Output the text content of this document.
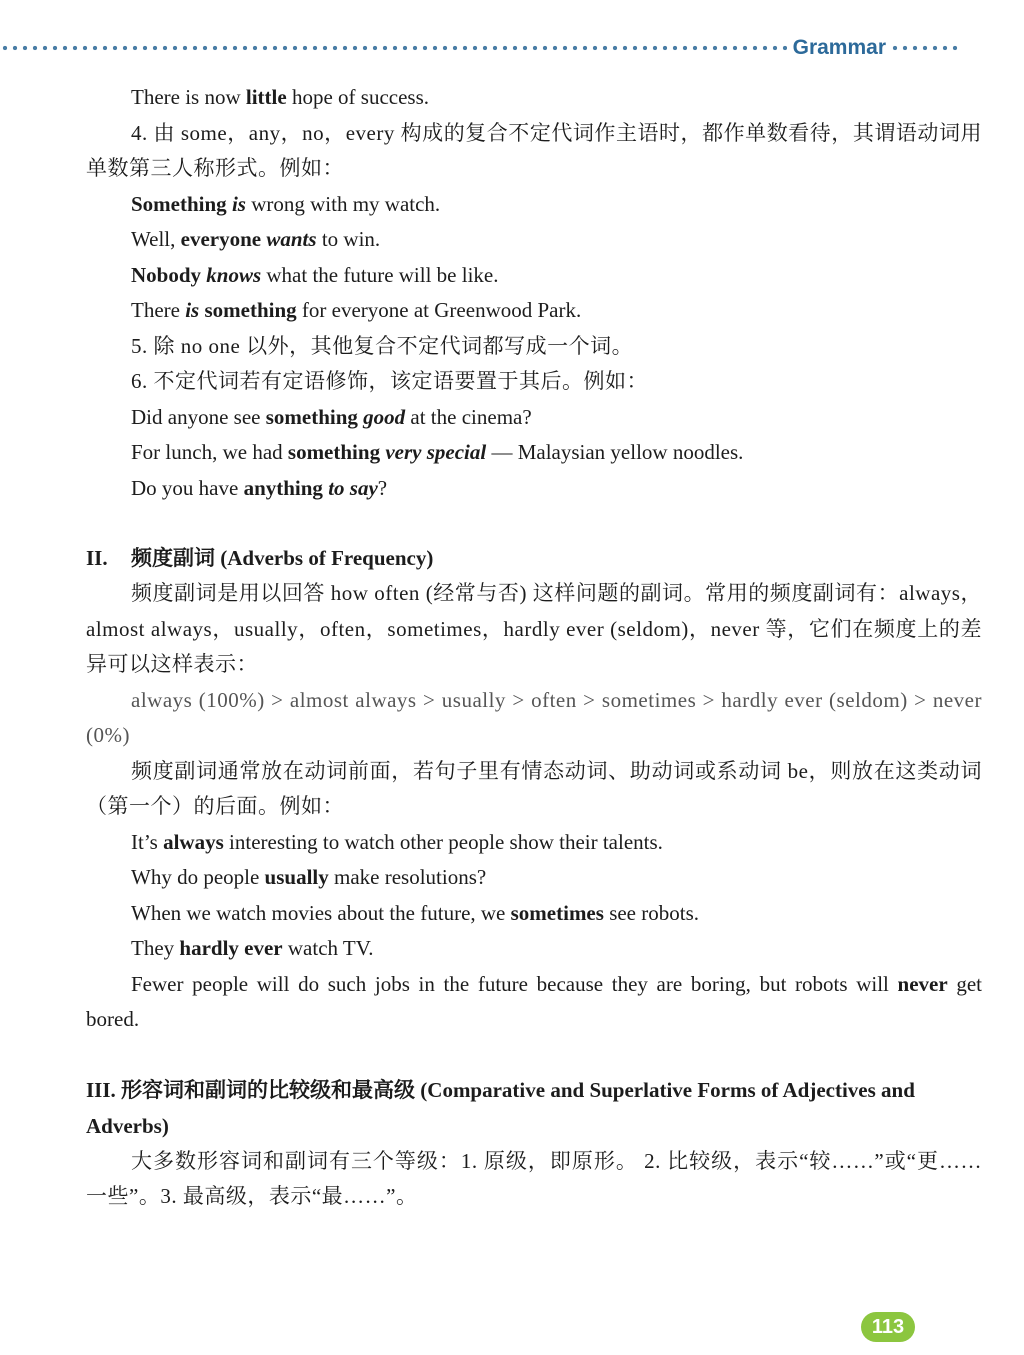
Grammar
There is now little hope of success.
4. 由 some，any，no，every 构成的复合不定代词作主语时，都作单数看待，其谓语动词用单数第三人称形式。例如：
Something is wrong with my watch.
Well, everyone wants to win.
Nobody knows what the future will be like.
There is something for everyone at Greenwood Park.
5. 除 no one 以外，其他复合不定代词都写成一个词。
6. 不定代词若有定语修饰，该定语要置于其后。例如：
Did anyone see something good at the cinema?
For lunch, we had something very special — Malaysian yellow noodles.
Do you have anything to say?
II. 频度副词 (Adverbs of Frequency)
频度副词是用以回答 how often (经常与否) 这样问题的副词。常用的频度副词有：always，almost always，usually，often，sometimes，hardly ever (seldom)，never 等，它们在频度上的差异可以这样表示：
always (100%) > almost always > usually > often > sometimes > hardly ever (seldom) > never (0%)
频度副词通常放在动词前面，若句子里有情态动词、助动词或系动词 be，则放在这类动词（第一个）的后面。例如：
It’s always interesting to watch other people show their talents.
Why do people usually make resolutions?
When we watch movies about the future, we sometimes see robots.
They hardly ever watch TV.
Fewer people will do such jobs in the future because they are boring, but robots will never get bored.
III. 形容词和副词的比较级和最高级 (Comparative and Superlative Forms of Adjectives and Adverbs)
大多数形容词和副词有三个等级：1. 原级，即原形。 2. 比较级，表示“较……”或“更……一些”。3. 最高级，表示“最……”。
113
